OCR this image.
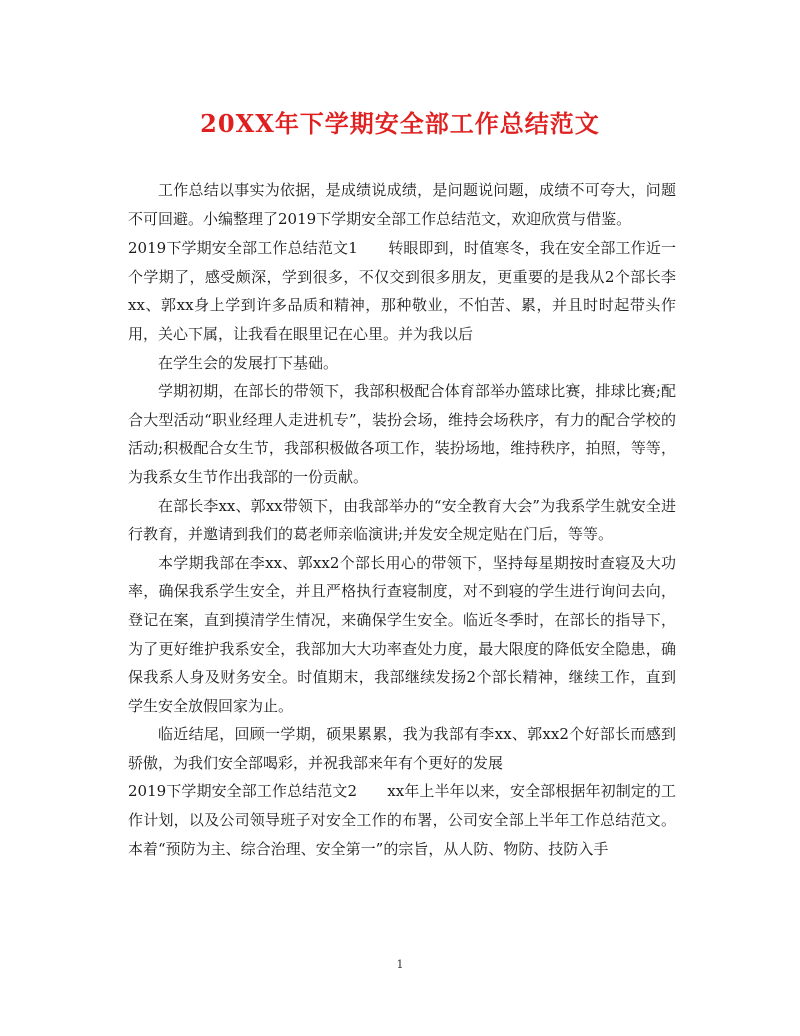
20XX年下学期安全部工作总结范文

工作总结以事实为依据，是成绩说成绩，是问题说问题，成绩不可夸大，问题不可回避。小编整理了2019下学期安全部工作总结范文，欢迎欣赏与借鉴。

2019下学期安全部工作总结范文1　　转眼即到，时值寒冬，我在安全部工作近一个学期了，感受颇深，学到很多，不仅交到很多朋友，更重要的是我从2个部长李xx、郭xx身上学到许多品质和精神，那种敬业，不怕苦、累，并且时时起带头作用，关心下属，让我看在眼里记在心里。并为我以后

在学生会的发展打下基础。

学期初期，在部长的带领下，我部积极配合体育部举办篮球比赛，排球比赛;配合大型活动“职业经理人走进机专”，装扮会场，维持会场秩序，有力的配合学校的活动;积极配合女生节，我部积极做各项工作，装扮场地，维持秩序，拍照，等等，为我系女生节作出我部的一份贡献。

在部长李xx、郭xx带领下，由我部举办的“安全教育大会”为我系学生就安全进行教育，并邀请到我们的葛老师亲临演讲;并发安全规定贴在门后，等等。

本学期我部在李xx、郭xx2个部长用心的带领下，坚持每星期按时查寝及大功率，确保我系学生安全，并且严格执行查寝制度，对不到寝的学生进行询问去向，登记在案，直到摸清学生情况，来确保学生安全。临近冬季时，在部长的指导下，为了更好维护我系安全，我部加大大功率查处力度，最大限度的降低安全隐患，确保我系人身及财务安全。时值期末，我部继续发扬2个部长精神，继续工作，直到学生安全放假回家为止。

临近结尾，回顾一学期，硕果累累，我为我部有李xx、郭xx2个好部长而感到骄傲，为我们安全部喝彩，并祝我部来年有个更好的发展

2019下学期安全部工作总结范文2　　xx年上半年以来，安全部根据年初制定的工作计划，以及公司领导班子对安全工作的布署，公司安全部上半年工作总结范文。本着“预防为主、综合治理、安全第一”的宗旨，从人防、物防、技防入手

1
